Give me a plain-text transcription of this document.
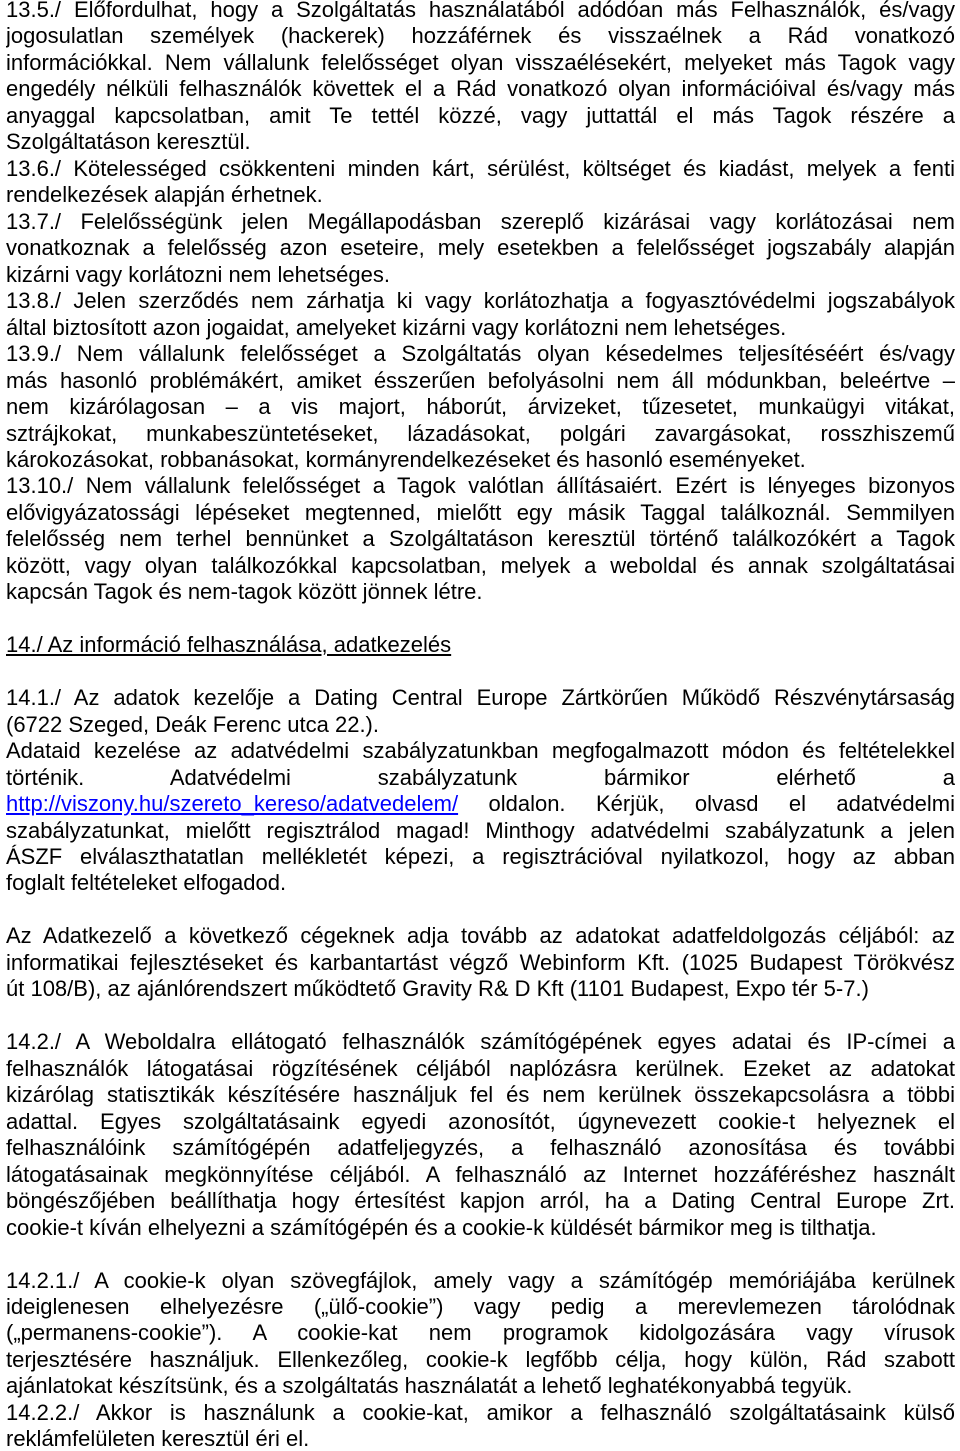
13.5./ Előfordulhat, hogy a Szolgáltatás használatából adódóan más Felhasználók, és/vagy
jogosulatlan személyek (hackerek) hozzáférnek és visszaélnek a Rád vonatkozó
információkkal. Nem vállalunk felelősséget olyan visszaélésekért, melyeket más Tagok vagy
engedély nélküli felhasználók követtek el a Rád vonatkozó olyan információival és/vagy más
anyaggal kapcsolatban, amit Te tettél közzé, vagy juttattál el más Tagok részére a
Szolgáltatáson keresztül.
13.6./ Kötelességed csökkenteni minden kárt, sérülést, költséget és kiadást, melyek a fenti
rendelkezések alapján érhetnek.
13.7./ Felelősségünk jelen Megállapodásban szereplő kizárásai vagy korlátozásai nem
vonatkoznak a felelősség azon eseteire, mely esetekben a felelősséget jogszabály alapján
kizárni vagy korlátozni nem lehetséges.
13.8./ Jelen szerződés nem zárhatja ki vagy korlátozhatja a fogyasztóvédelmi jogszabályok
által biztosított azon jogaidat, amelyeket kizárni vagy korlátozni nem lehetséges.
13.9./ Nem vállalunk felelősséget a Szolgáltatás olyan késedelmes teljesítéséért és/vagy
más hasonló problémákért, amiket ésszerűen befolyásolni nem áll módunkban, beleértve –
nem kizárólagosan – a vis majort, háborút, árvizeket, tűzesetet, munkaügyi vitákat,
sztrájkokat, munkabeszüntetéseket, lázadásokat, polgári zavargásokat, rosszhiszemű
károkozásokat, robbanásokat, kormányrendelkezéseket és hasonló eseményeket.
13.10./ Nem vállalunk felelősséget a Tagok valótlan állításaiért. Ezért is lényeges bizonyos
elővigyázatossági lépéseket megtenned, mielőtt egy másik Taggal találkoznál. Semmilyen
felelősség nem terhel bennünket a Szolgáltatáson keresztül történő találkozókért a Tagok
között, vagy olyan találkozókkal kapcsolatban, melyek a weboldal és annak szolgáltatásai
kapcsán Tagok és nem-tagok között jönnek létre.
14./ Az információ felhasználása, adatkezelés
14.1./ Az adatok kezelője a Dating Central Europe Zártkörűen Működő Részvénytársaság
(6722 Szeged, Deák Ferenc utca 22.).
Adataid kezelése az adatvédelmi szabályzatunkban megfogalmazott módon és feltételekkel
történik. Adatvédelmi szabályzatunk bármikor elérhető a
http://viszony.hu/szereto_kereso/adatvedelem/ oldalon. Kérjük, olvasd el adatvédelmi
szabályzatunkat, mielőtt regisztrálod magad! Minthogy adatvédelmi szabályzatunk a jelen
ÁSZF elválaszthatatlan mellékletét képezi, a regisztrációval nyilatkozol, hogy az abban
foglalt feltételeket elfogadod.
Az Adatkezelő a következő cégeknek adja tovább az adatokat adatfeldolgozás céljából: az
informatikai fejlesztéseket és karbantartást végző Webinform Kft. (1025 Budapest Törökvész
út 108/B), az ajánlórendszert működtető Gravity R& D Kft (1101 Budapest, Expo tér 5-7.)
14.2./ A Weboldalra ellátogató felhasználók számítógépének egyes adatai és IP-címei a
felhasználók látogatásai rögzítésének céljából naplózásra kerülnek. Ezeket az adatokat
kizárólag statisztikák készítésére használjuk fel és nem kerülnek összekapcsolásra a többi
adattal. Egyes szolgáltatásaink egyedi azonosítót, úgynevezett cookie-t helyeznek el
felhasználóink számítógépén adatfeljegyzés, a felhasználó azonosítása és további
látogatásainak megkönnyítése céljából. A felhasználó az Internet hozzáféréshez használt
böngészőjében beállíthatja hogy értesítést kapjon arról, ha a Dating Central Europe Zrt.
cookie-t kíván elhelyezni a számítógépén és a cookie-k küldését bármikor meg is tilthatja.
14.2.1./ A cookie-k olyan szövegfájlok, amely vagy a számítógép memóriájába kerülnek
ideiglenesen elhelyezésre („ülő-cookie”) vagy pedig a merevlemezen tárolódnak
(„permanens-cookie”). A cookie-kat nem programok kidolgozására vagy vírusok
terjesztésére használjuk. Ellenkezőleg, cookie-k legfőbb célja, hogy külön, Rád szabott
ajánlatokat készítsünk, és a szolgáltatás használatát a lehető leghatékonyabbá tegyük.
14.2.2./ Akkor is használunk a cookie-kat, amikor a felhasználó szolgáltatásaink külső
reklámfelületen keresztül éri el.
